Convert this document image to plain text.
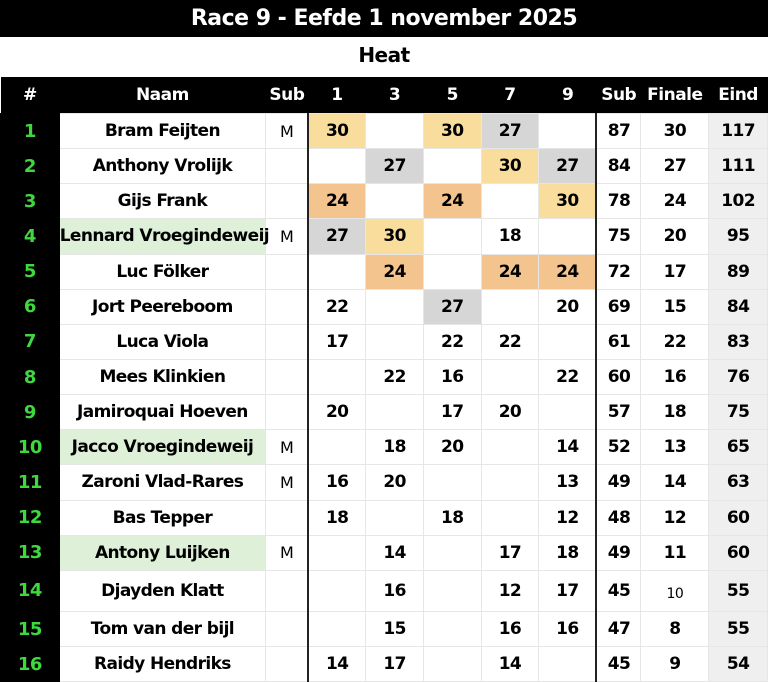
Race 9 - Eefde 1 november 2025
Heat
#	Naam	Sub	1	3	5	7	9	Sub	Finale	Eind
1	Bram Feijten	M	30		30	27		87	30	117
2	Anthony Vrolijk			27		30	27	84	27	111
3	Gijs Frank		24		24		30	78	24	102
4	Lennard Vroegindeweij	M	27	30		18		75	20	95
5	Luc Fölker			24		24	24	72	17	89
6	Jort Peereboom		22		27		20	69	15	84
7	Luca Viola		17		22	22		61	22	83
8	Mees Klinkien			22	16		22	60	16	76
9	Jamiroquai Hoeven		20		17	20		57	18	75
10	Jacco Vroegindeweij	M		18	20		14	52	13	65
11	Zaroni Vlad-Rares	M	16	20			13	49	14	63
12	Bas Tepper		18		18		12	48	12	60
13	Antony Luijken	M		14		17	18	49	11	60
14	Djayden Klatt			16		12	17	45	10	55
15	Tom van der bijl			15		16	16	47	8	55
16	Raidy Hendriks		14	17		14		45	9	54
